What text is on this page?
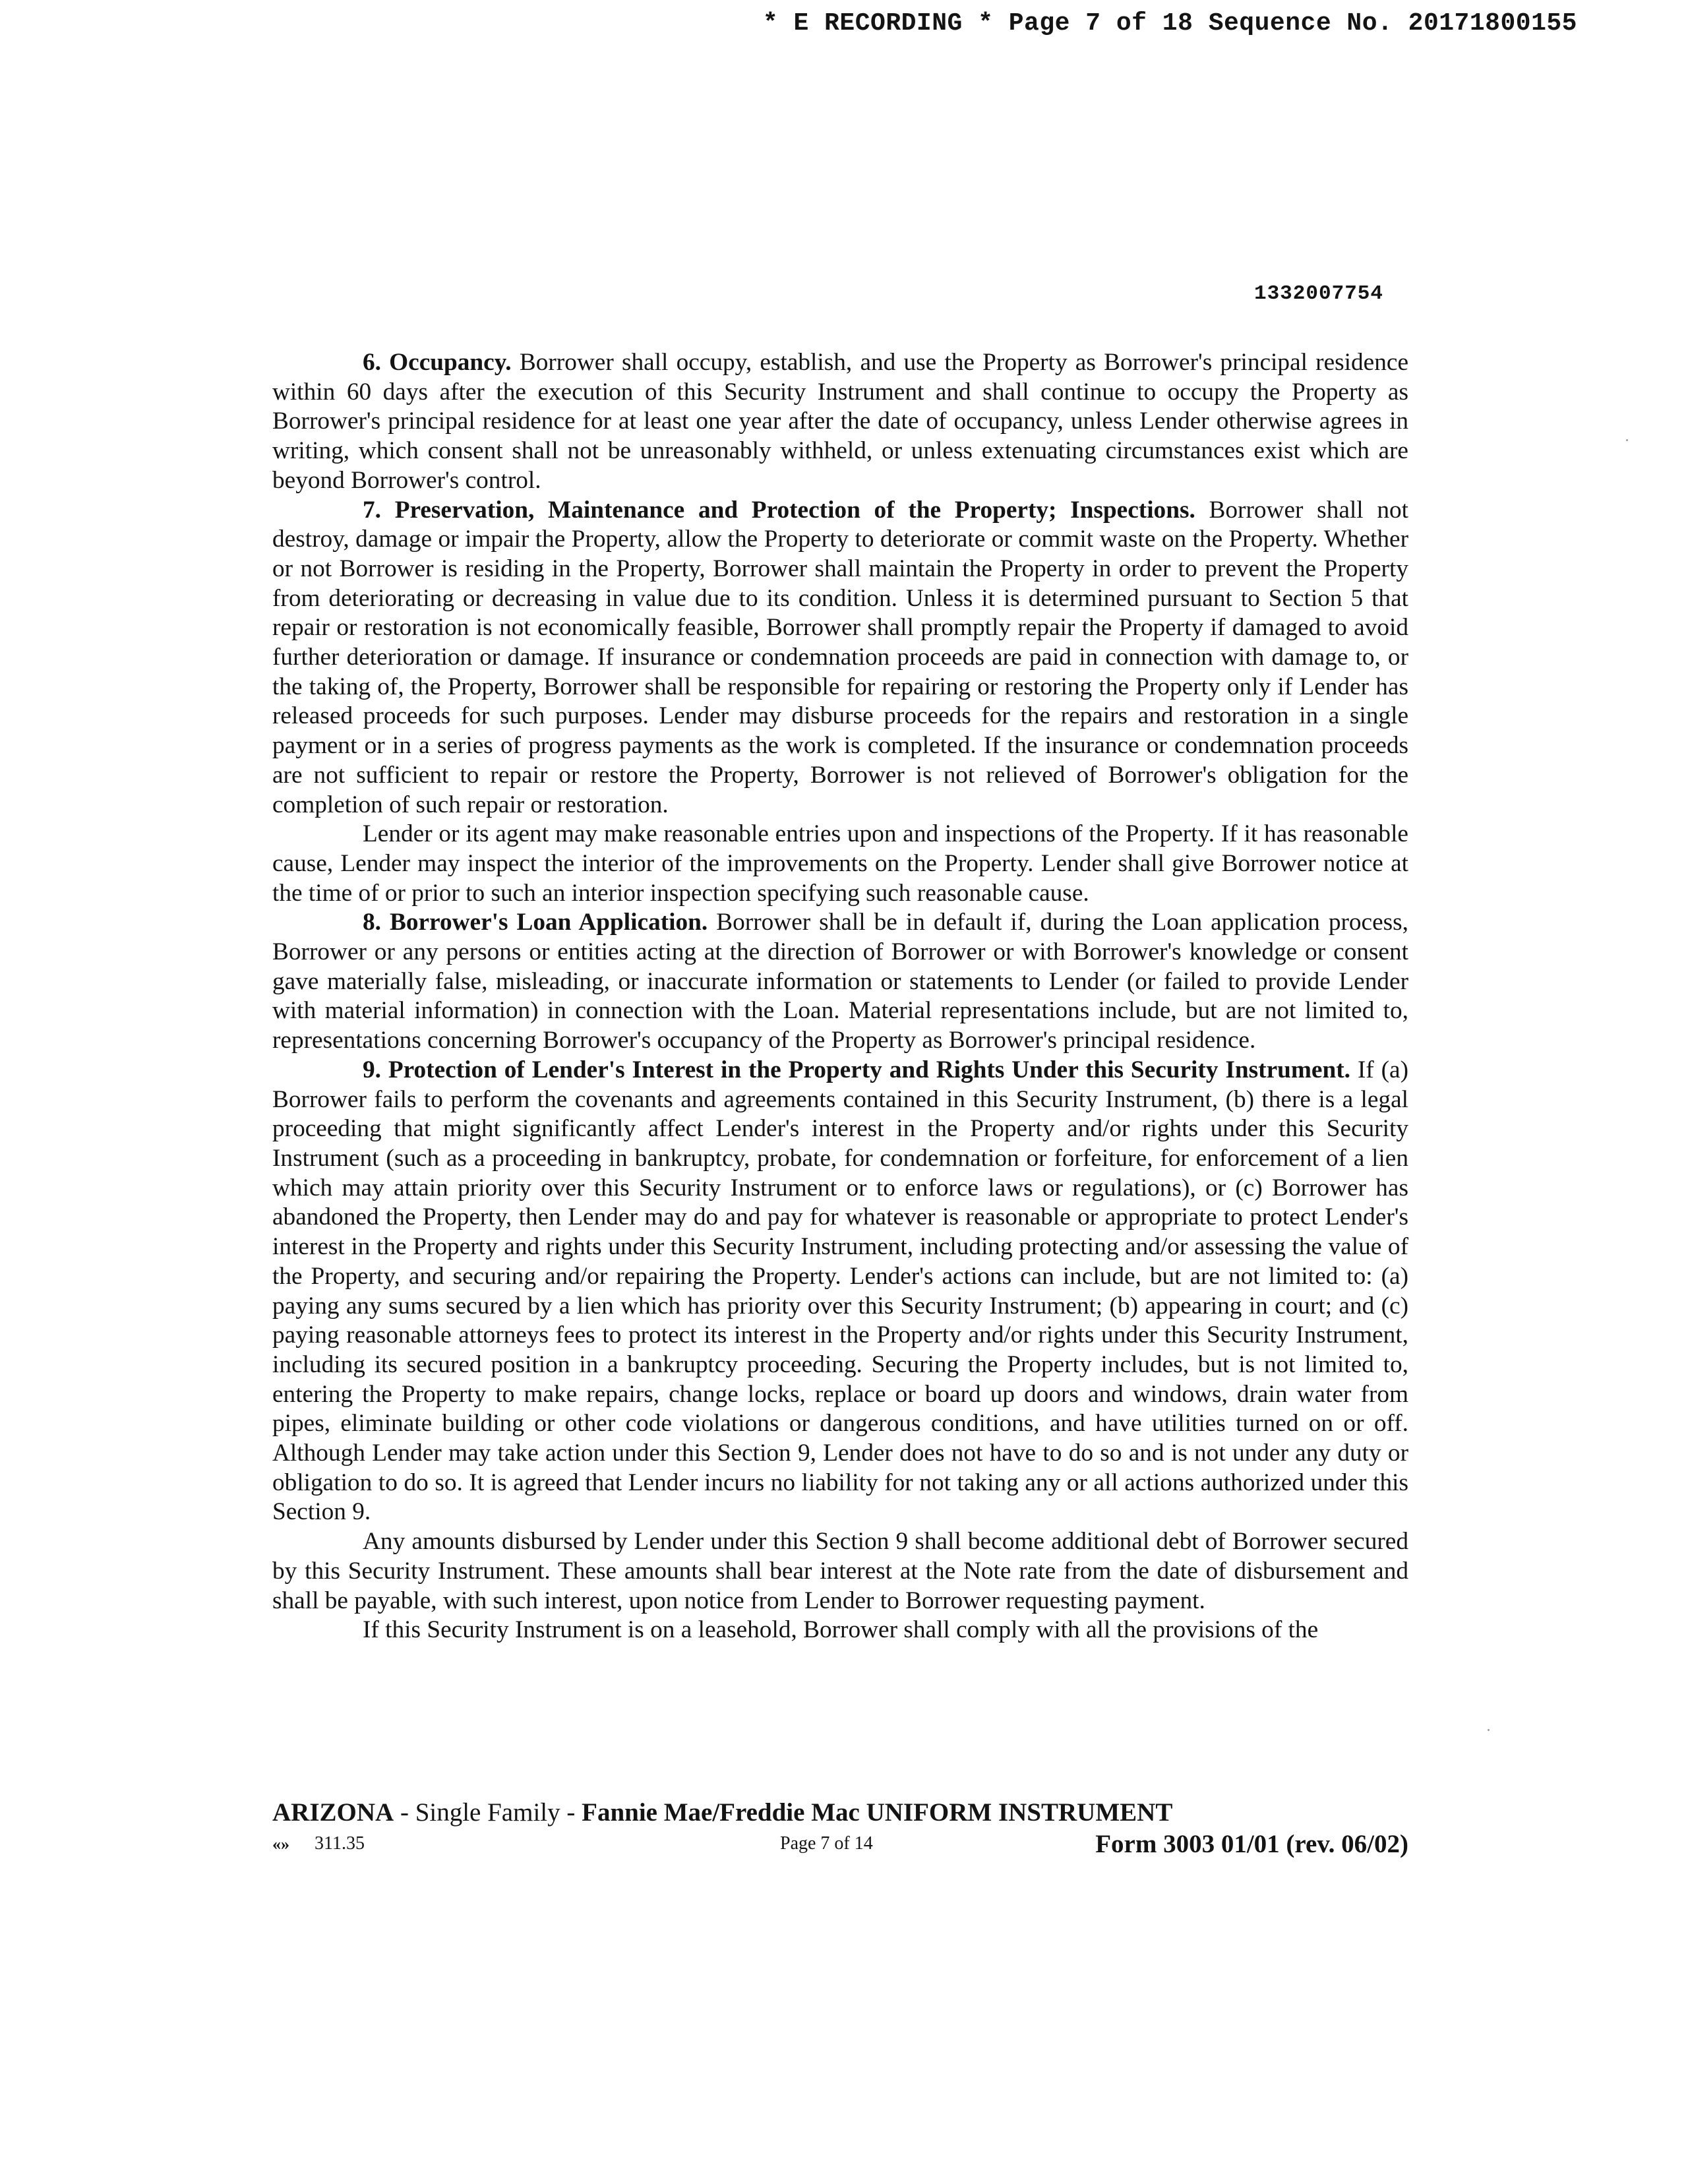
* E RECORDING * Page 7 of 18 Sequence No. 20171800155
1332007754

6. Occupancy. Borrower shall occupy, establish, and use the Property as Borrower's principal residence within 60 days after the execution of this Security Instrument and shall continue to occupy the Property as Borrower's principal residence for at least one year after the date of occupancy, unless Lender otherwise agrees in writing, which consent shall not be unreasonably withheld, or unless extenuating circumstances exist which are beyond Borrower's control.

7. Preservation, Maintenance and Protection of the Property; Inspections. Borrower shall not destroy, damage or impair the Property, allow the Property to deteriorate or commit waste on the Property. Whether or not Borrower is residing in the Property, Borrower shall maintain the Property in order to prevent the Property from deteriorating or decreasing in value due to its condition. Unless it is determined pursuant to Section 5 that repair or restoration is not economically feasible, Borrower shall promptly repair the Property if damaged to avoid further deterioration or damage. If insurance or condemnation proceeds are paid in connection with damage to, or the taking of, the Property, Borrower shall be responsible for repairing or restoring the Property only if Lender has released proceeds for such purposes. Lender may disburse proceeds for the repairs and restoration in a single payment or in a series of progress payments as the work is completed. If the insurance or condemnation proceeds are not sufficient to repair or restore the Property, Borrower is not relieved of Borrower's obligation for the completion of such repair or restoration.

Lender or its agent may make reasonable entries upon and inspections of the Property. If it has reasonable cause, Lender may inspect the interior of the improvements on the Property. Lender shall give Borrower notice at the time of or prior to such an interior inspection specifying such reasonable cause.

8. Borrower's Loan Application. Borrower shall be in default if, during the Loan application process, Borrower or any persons or entities acting at the direction of Borrower or with Borrower's knowledge or consent gave materially false, misleading, or inaccurate information or statements to Lender (or failed to provide Lender with material information) in connection with the Loan. Material representations include, but are not limited to, representations concerning Borrower's occupancy of the Property as Borrower's principal residence.

9. Protection of Lender's Interest in the Property and Rights Under this Security Instrument. If (a) Borrower fails to perform the covenants and agreements contained in this Security Instrument, (b) there is a legal proceeding that might significantly affect Lender's interest in the Property and/or rights under this Security Instrument (such as a proceeding in bankruptcy, probate, for condemnation or forfeiture, for enforcement of a lien which may attain priority over this Security Instrument or to enforce laws or regulations), or (c) Borrower has abandoned the Property, then Lender may do and pay for whatever is reasonable or appropriate to protect Lender's interest in the Property and rights under this Security Instrument, including protecting and/or assessing the value of the Property, and securing and/or repairing the Property. Lender's actions can include, but are not limited to: (a) paying any sums secured by a lien which has priority over this Security Instrument; (b) appearing in court; and (c) paying reasonable attorneys fees to protect its interest in the Property and/or rights under this Security Instrument, including its secured position in a bankruptcy proceeding. Securing the Property includes, but is not limited to, entering the Property to make repairs, change locks, replace or board up doors and windows, drain water from pipes, eliminate building or other code violations or dangerous conditions, and have utilities turned on or off. Although Lender may take action under this Section 9, Lender does not have to do so and is not under any duty or obligation to do so. It is agreed that Lender incurs no liability for not taking any or all actions authorized under this Section 9.

Any amounts disbursed by Lender under this Section 9 shall become additional debt of Borrower secured by this Security Instrument. These amounts shall bear interest at the Note rate from the date of disbursement and shall be payable, with such interest, upon notice from Lender to Borrower requesting payment.

If this Security Instrument is on a leasehold, Borrower shall comply with all the provisions of the

ARIZONA - Single Family - Fannie Mae/Freddie Mac UNIFORM INSTRUMENT
«» 311.35	Page 7 of 14	Form 3003 01/01 (rev. 06/02)
